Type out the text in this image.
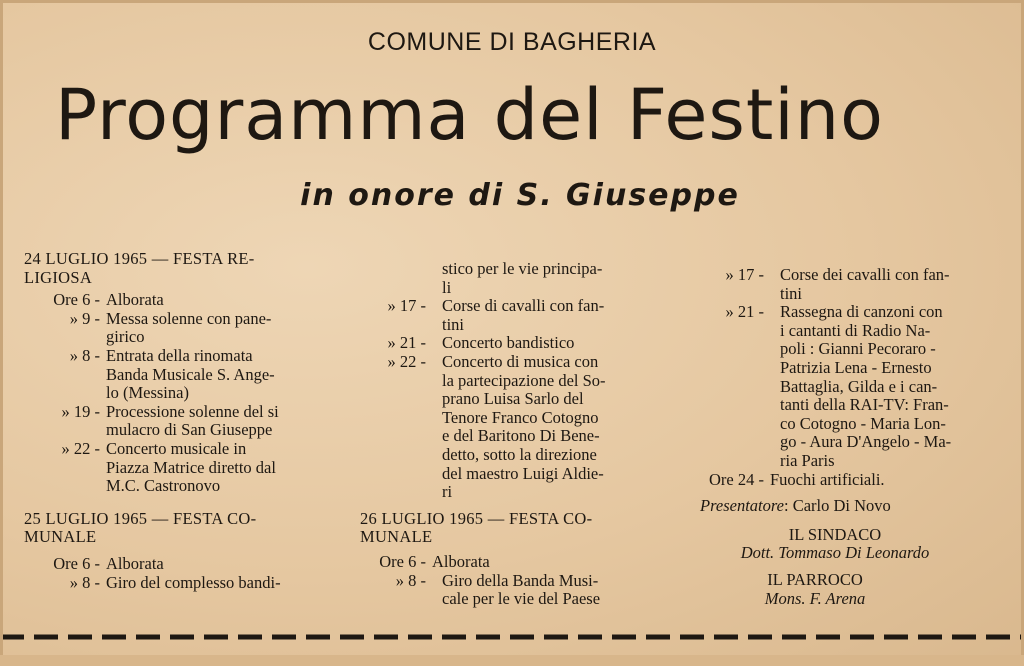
COMUNE DI BAGHERIA
Programma del Festino
in onore di S. Giuseppe

24 LUGLIO 1965 — FESTA RE-

LIGIOSA

Ore 6 - Alborata

» 9 - Messa solenne con pane-

girico

» 8 - Entrata della rinomata

Banda Musicale S. Ange-

lo (Messina)

» 19 - Processione solenne del si

mulacro di San Giuseppe

» 22 - Concerto musicale in

Piazza Matrice diretto dal

M.C. Castronovo

25 LUGLIO 1965 — FESTA CO-

MUNALE

Ore 6 - Alborata

» 8 - Giro del complesso bandi-

stico per le vie principa-

li

» 17 - Corse di cavalli con fan-

tini

» 21 - Concerto bandistico

» 22 - Concerto di musica con

la partecipazione del So-

prano Luisa Sarlo del

Tenore Franco Cotogno

e del Baritono Di Bene-

detto, sotto la direzione

del maestro Luigi Aldie-

ri

26 LUGLIO 1965 — FESTA CO-

MUNALE

Ore 6 - Alborata

» 8 - Giro della Banda Musi-

cale per le vie del Paese

» 17 - Corse dei cavalli con fan-

tini

» 21 - Rassegna di canzoni con

i cantanti di Radio Na-

poli : Gianni Pecoraro -

Patrizia Lena - Ernesto

Battaglia, Gilda e i can-

tanti della RAI-TV: Fran-

co Cotogno - Maria Lon-

go - Aura D'Angelo - Ma-

ria Paris

Ore 24 - Fuochi artificiali.

Presentatore: Carlo Di Novo

IL SINDACO

Dott. Tommaso Di Leonardo

IL PARROCO

Mons. F. Arena
